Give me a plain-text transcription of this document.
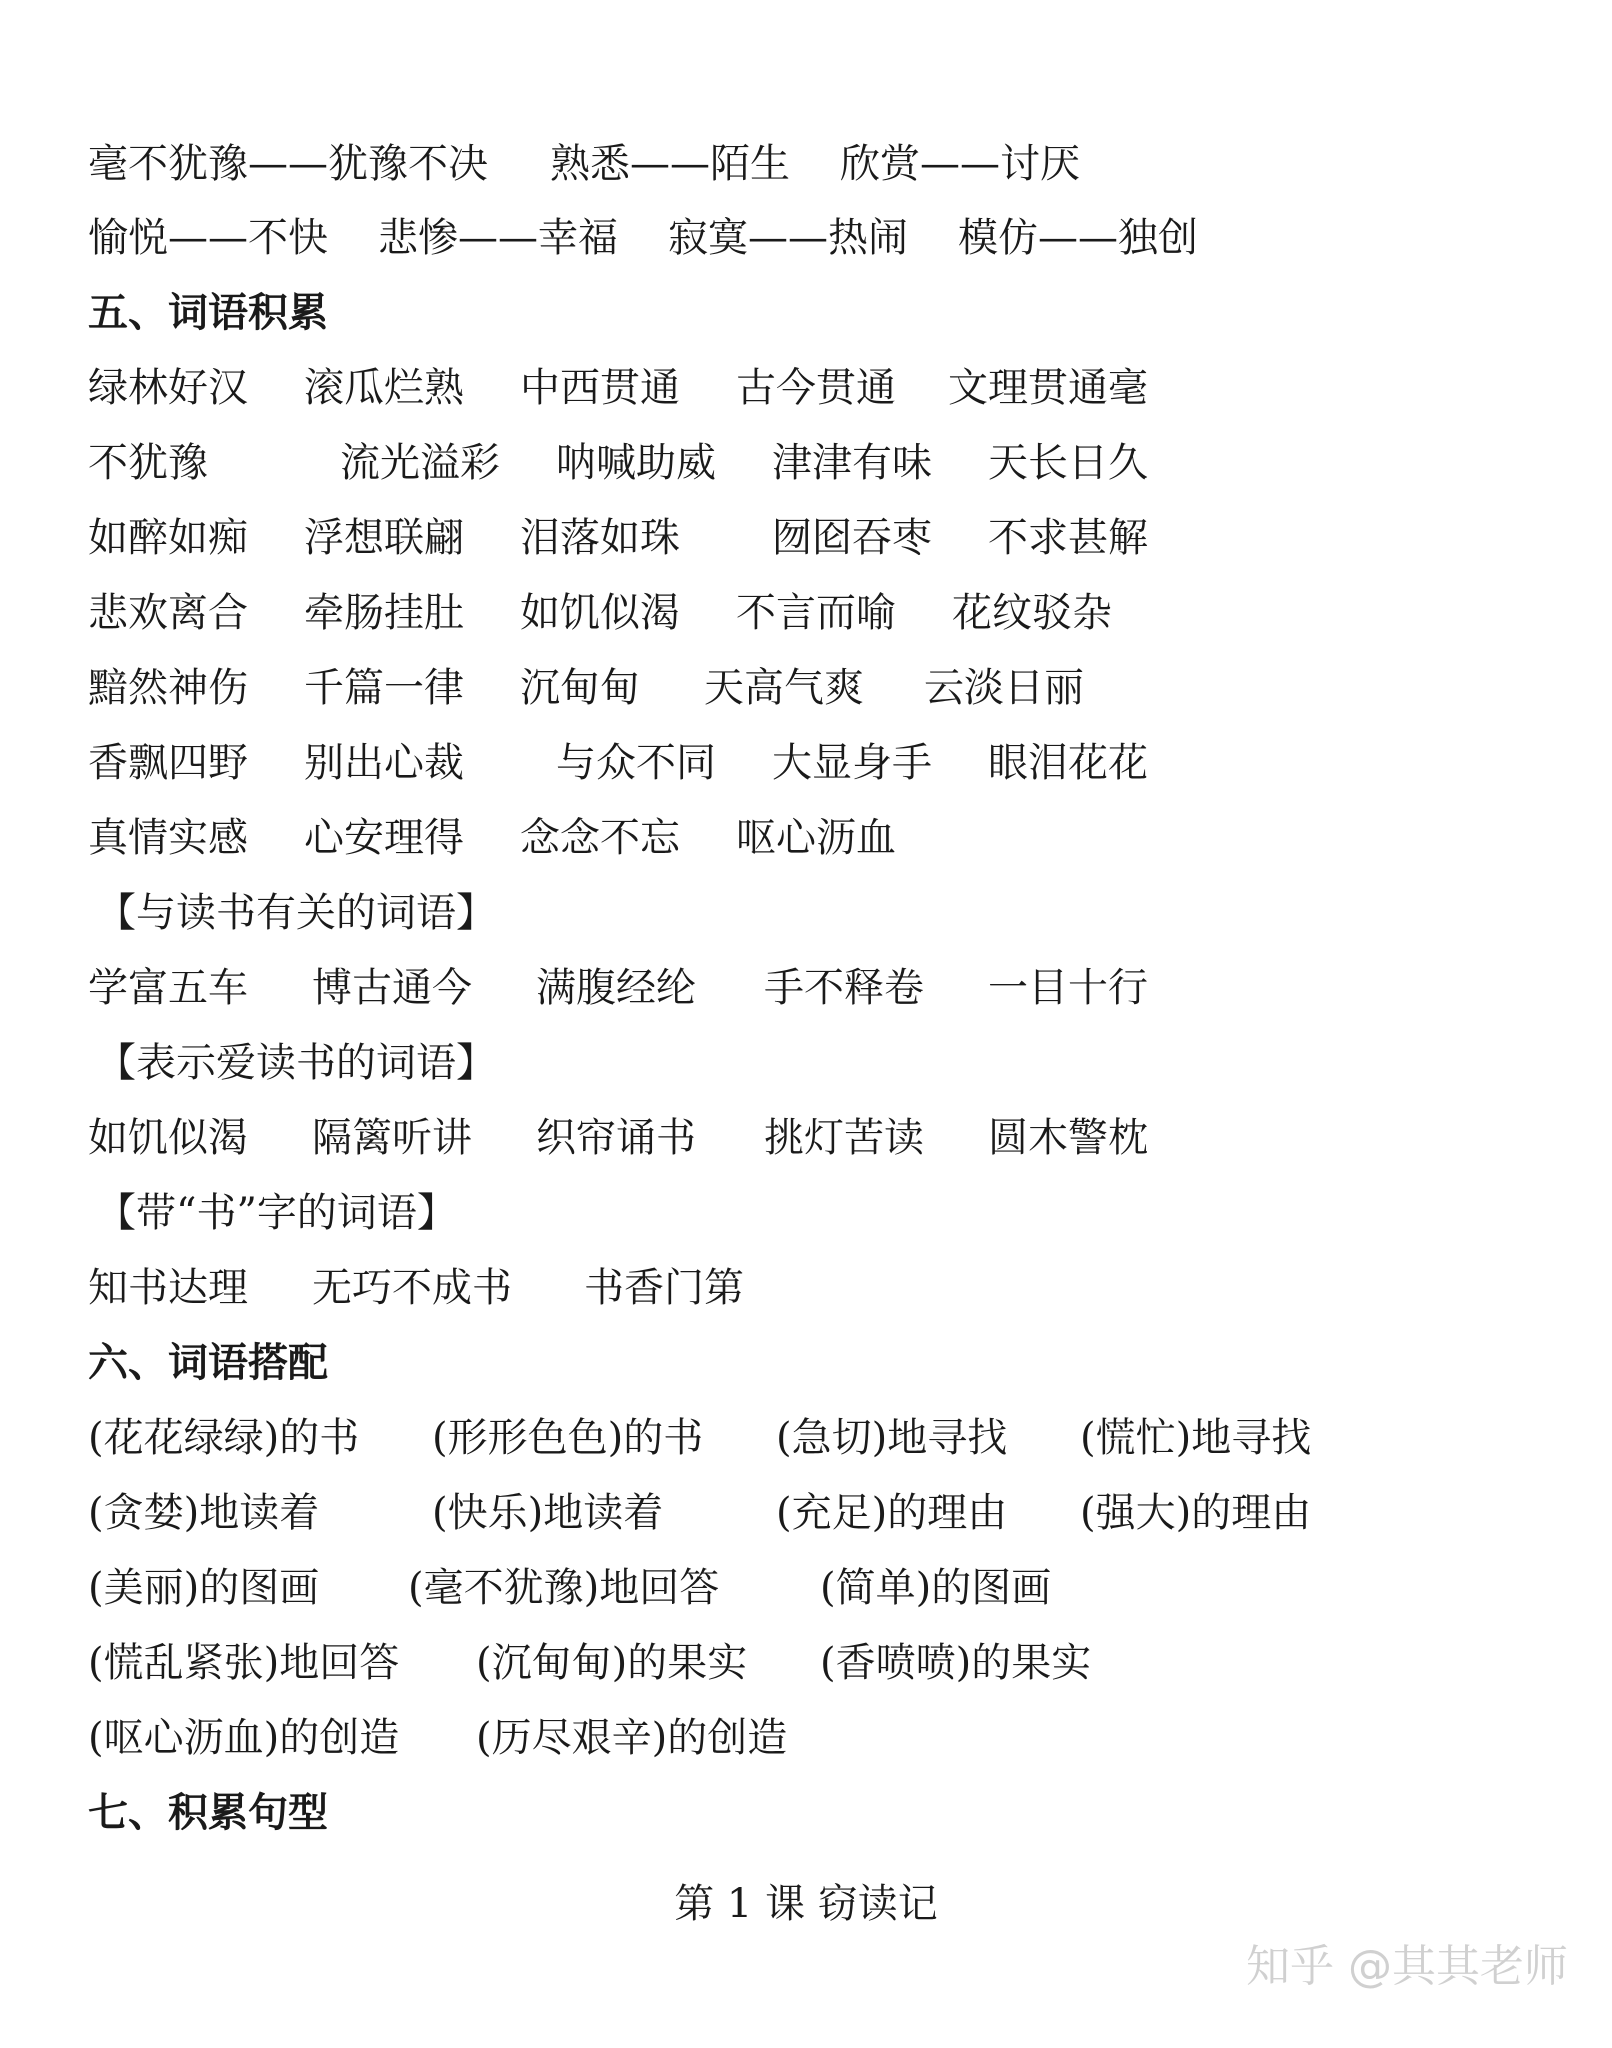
毫不犹豫——犹豫不决 熟悉——陌生 欣赏——讨厌
愉悦——不快 悲惨——幸福 寂寞——热闹 模仿——独创
五、词语积累
绿林好汉 滚瓜烂熟 中西贯通 古今贯通 文理贯通毫
不犹豫	流光溢彩 呐喊助威 津津有味 天长日久
如醉如痴 浮想联翩 泪落如珠 囫囵吞枣 不求甚解
悲欢离合 牵肠挂肚 如饥似渴 不言而喻 花纹驳杂
黯然神伤 千篇一律 沉甸甸 天高气爽 云淡日丽
香飘四野 别出心裁 与众不同 大显身手 眼泪花花
真情实感 心安理得 念念不忘 呕心沥血
【与读书有关的词语】
学富五车 博古通今 满腹经纶 手不释卷 一目十行
【表示爱读书的词语】
如饥似渴 隔篱听讲 织帘诵书 挑灯苦读 圆木警枕
【带“书”字的词语】
知书达理 无巧不成书 书香门第
六、词语搭配
(花花绿绿)的书 (形形色色)的书 (急切)地寻找 (慌忙)地寻找
(贪婪)地读着	(快乐)地读着	(充足)的理由 (强大)的理由
(美丽)的图画 (毫不犹豫)地回答	(简单)的图画
(慌乱紧张)地回答 (沉甸甸)的果实 (香喷喷)的果实
(呕心沥血)的创造 (历尽艰辛)的创造
七、积累句型
第 1 课 窃读记
知乎 @其其老师
